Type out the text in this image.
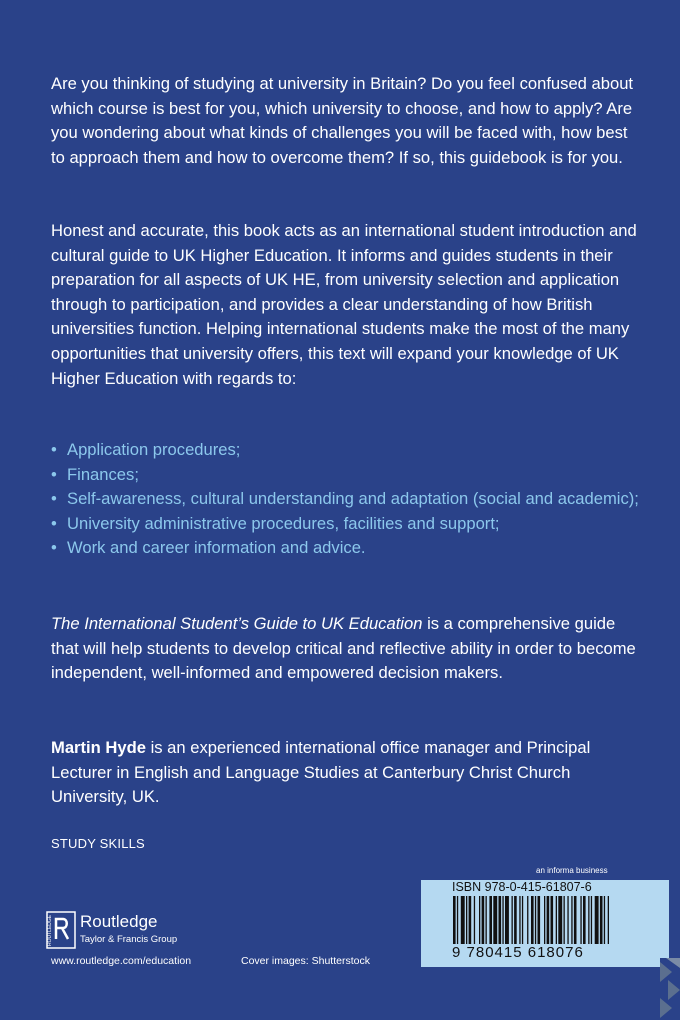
Are you thinking of studying at university in Britain? Do you feel confused about which course is best for you, which university to choose, and how to apply? Are you wondering about what kinds of challenges you will be faced with, how best to approach them and how to overcome them? If so, this guidebook is for you.

Honest and accurate, this book acts as an international student introduction and cultural guide to UK Higher Education. It informs and guides students in their preparation for all aspects of UK HE, from university selection and application through to participation, and provides a clear understanding of how British universities function. Helping international students make the most of the many opportunities that university offers, this text will expand your knowledge of UK Higher Education with regards to:

• Application procedures;
• Finances;
• Self-awareness, cultural understanding and adaptation (social and academic);
• University administrative procedures, facilities and support;
• Work and career information and advice.

The International Student’s Guide to UK Education is a comprehensive guide that will help students to develop critical and reflective ability in order to become independent, well-informed and empowered decision makers.

Martin Hyde is an experienced international office manager and Principal Lecturer in English and Language Studies at Canterbury Christ Church University, UK.

STUDY SKILLS
ROUTLEDGE Routledge
Taylor & Francis Group
www.routledge.com/education	Cover images: Shutterstock
an informa business
ISBN 978-0-415-61807-6
9 780415 618076
